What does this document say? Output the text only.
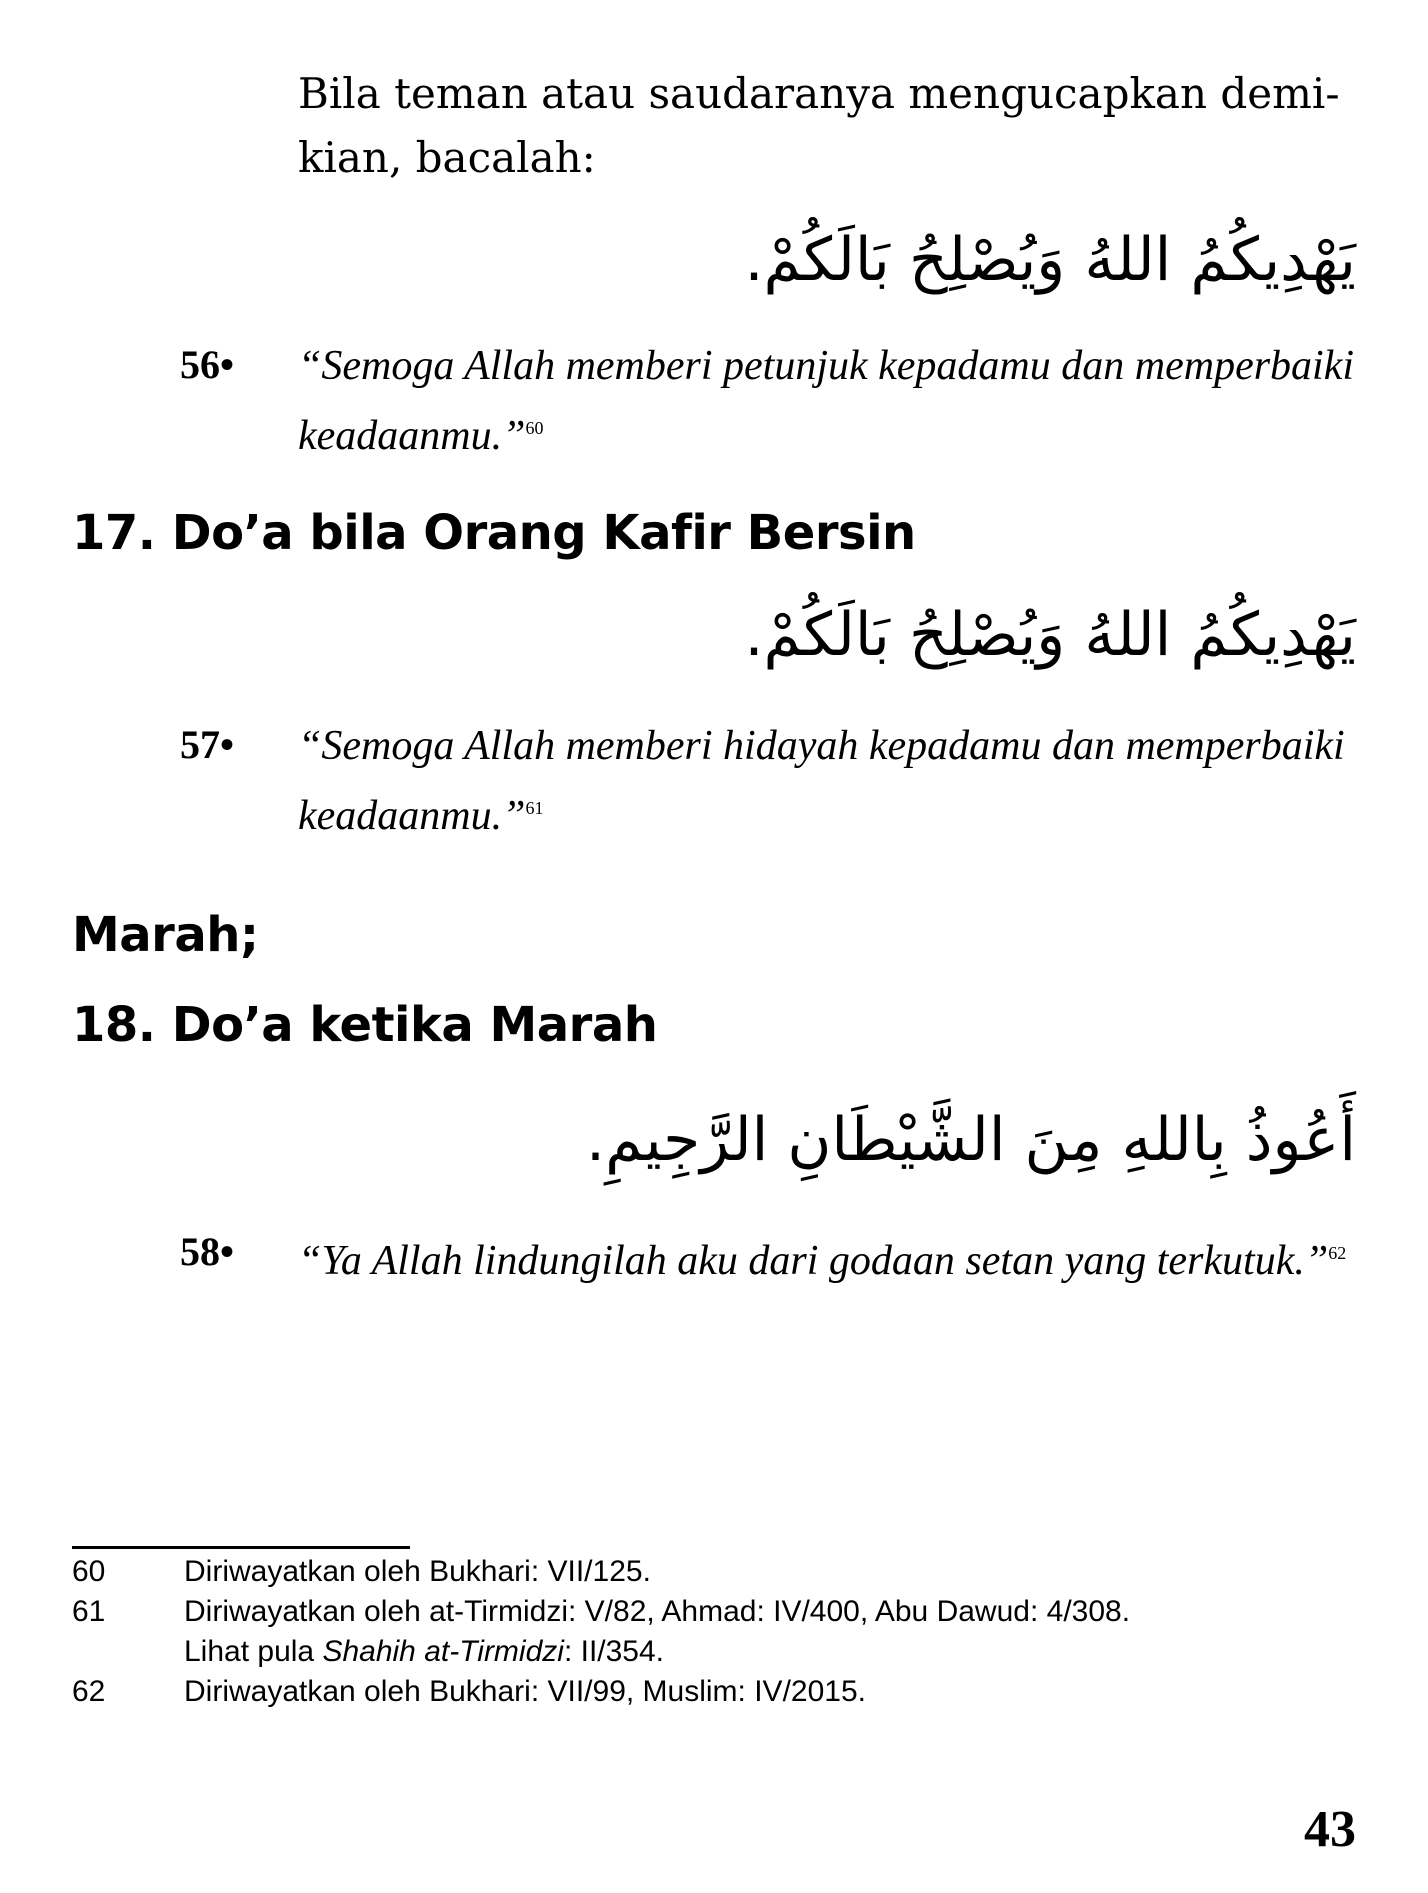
Bila teman atau saudaranya mengucapkan demi-kian, bacalah:
يَهْدِيكُمُ اللهُ وَيُصْلِحُ بَالَكُمْ.
56•	“Semoga Allah memberi petunjuk kepadamu dan memperbaiki keadaanmu.”$^{60}$
17. Do’a bila Orang Kafir Bersin
يَهْدِيكُمُ اللهُ وَيُصْلِحُ بَالَكُمْ.
57•	“Semoga Allah memberi hidayah kepadamu dan memperbaiki keadaanmu.”$^{61}$
Marah;
18. Do’a ketika Marah
أَعُوذُ بِاللهِ مِنَ الشَّيْطَانِ الرَّجِيمِ.
58•	“Ya Allah lindungilah aku dari godaan setan yang terkutuk.”$^{62}$
60	Diriwayatkan oleh Bukhari: VII/125.
61	Diriwayatkan oleh at-Tirmidzi: V/82, Ahmad: IV/400, Abu Dawud: 4/308.
Lihat pula Shahih at-Tirmidzi: II/354.
62	Diriwayatkan oleh Bukhari: VII/99, Muslim: IV/2015.
43
